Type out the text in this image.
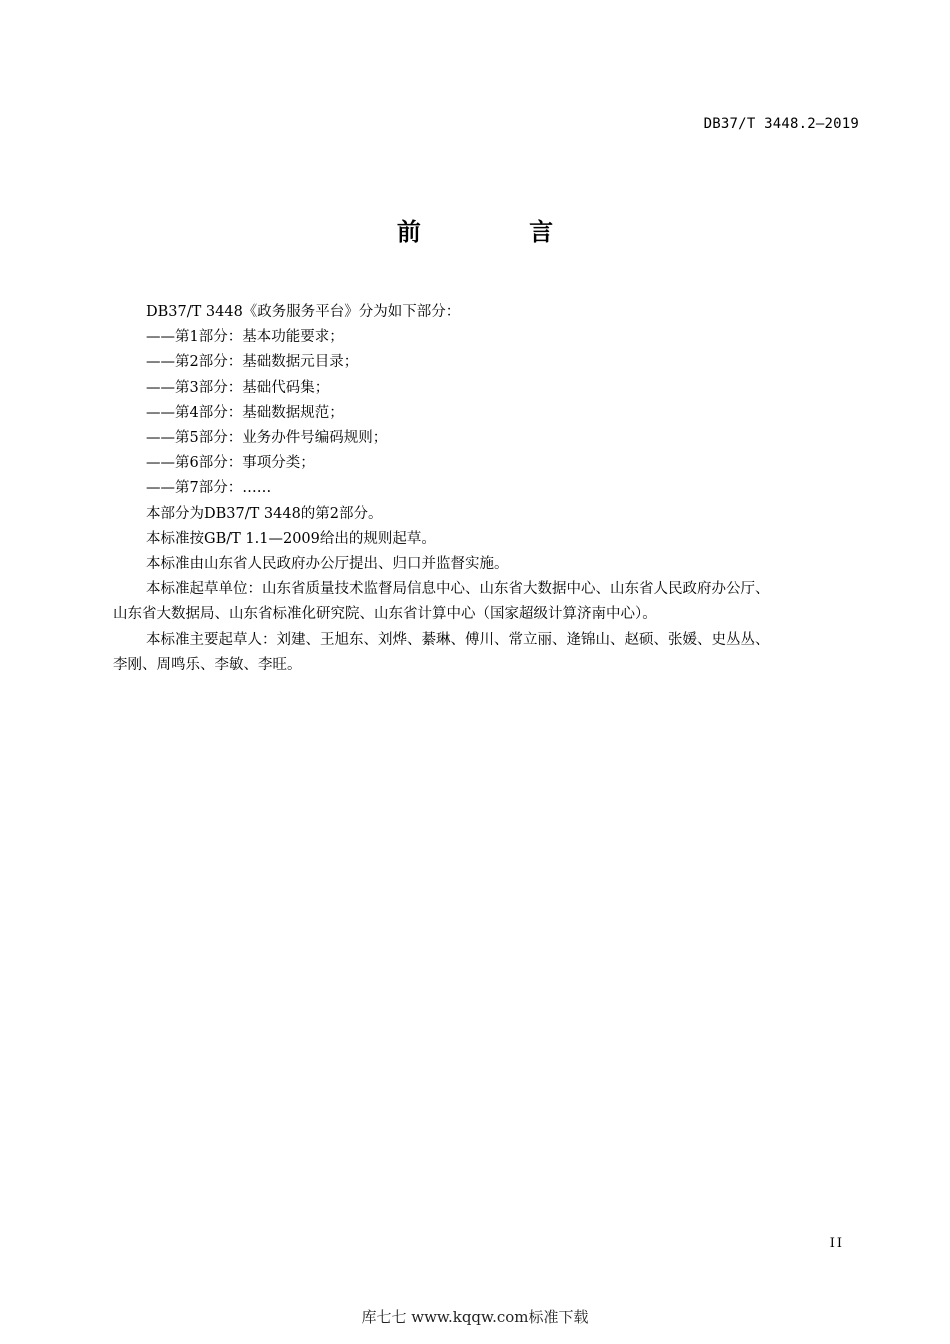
DB37/T 3448.2—2019
前 言

DB37/T 3448《政务服务平台》分为如下部分：

——第1部分：基本功能要求；

——第2部分：基础数据元目录；

——第3部分：基础代码集；

——第4部分：基础数据规范；

——第5部分：业务办件号编码规则；

——第6部分：事项分类；

——第7部分：……

本部分为DB37/T 3448的第2部分。

本标准按GB/T 1.1—2009给出的规则起草。

本标准由山东省人民政府办公厅提出、归口并监督实施。

本标准起草单位：山东省质量技术监督局信息中心、山东省大数据中心、山东省人民政府办公厅、

山东省大数据局、山东省标准化研究院、山东省计算中心（国家超级计算济南中心）。

本标准主要起草人：刘建、王旭东、刘烨、綦琳、傅川、常立丽、逄锦山、赵硕、张媛、史丛丛、

李刚、周鸣乐、李敏、李旺。

II
库七七 www.kqqw.com标准下载
